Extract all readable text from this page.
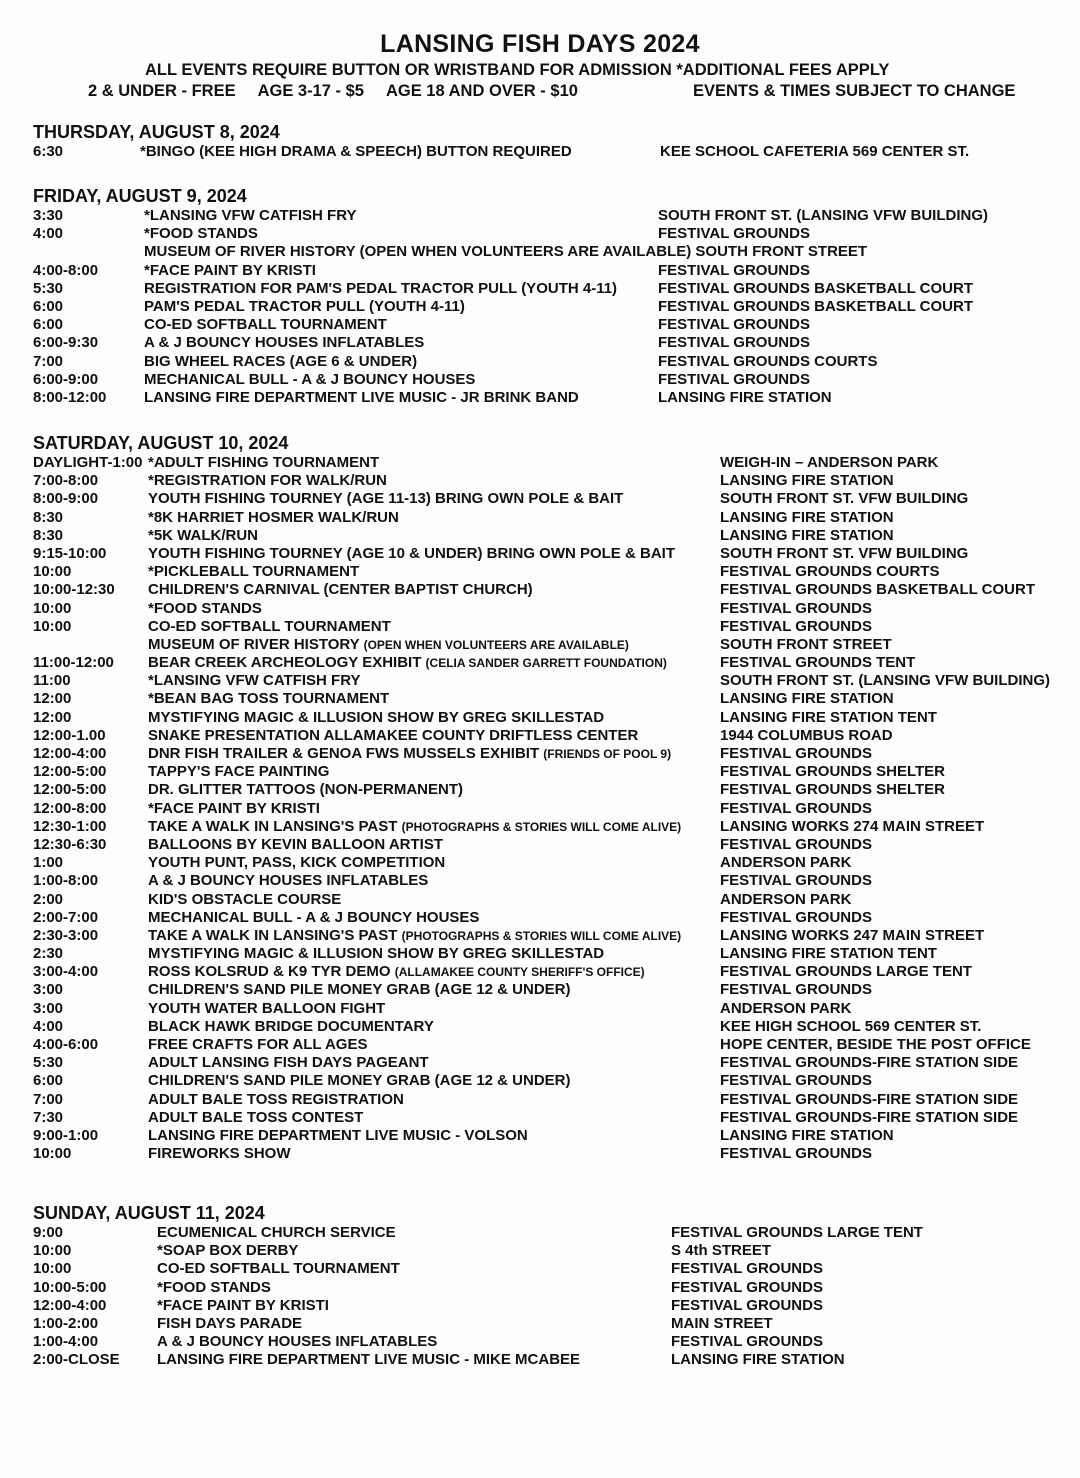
LANSING FISH DAYS 2024
ALL EVENTS REQUIRE BUTTON OR WRISTBAND FOR ADMISSION *ADDITIONAL FEES APPLY
2 & UNDER - FREE AGE 3-17 - $5 AGE 18 AND OVER - $10	EVENTS & TIMES SUBJECT TO CHANGE
THURSDAY, AUGUST 8, 2024
6:30	*BINGO (KEE HIGH DRAMA & SPEECH) BUTTON REQUIRED	KEE SCHOOL CAFETERIA 569 CENTER ST.
FRIDAY, AUGUST 9, 2024
3:30	*LANSING VFW CATFISH FRY	SOUTH FRONT ST. (LANSING VFW BUILDING)
4:00	*FOOD STANDS	FESTIVAL GROUNDS
MUSEUM OF RIVER HISTORY (OPEN WHEN VOLUNTEERS ARE AVAILABLE) SOUTH FRONT STREET
4:00-8:00	*FACE PAINT BY KRISTI	FESTIVAL GROUNDS
5:30	REGISTRATION FOR PAM'S PEDAL TRACTOR PULL (YOUTH 4-11)	FESTIVAL GROUNDS BASKETBALL COURT
6:00	PAM'S PEDAL TRACTOR PULL (YOUTH 4-11)	FESTIVAL GROUNDS BASKETBALL COURT
6:00	CO-ED SOFTBALL TOURNAMENT	FESTIVAL GROUNDS
6:00-9:30	A & J BOUNCY HOUSES INFLATABLES	FESTIVAL GROUNDS
7:00	BIG WHEEL RACES (AGE 6 & UNDER)	FESTIVAL GROUNDS COURTS
6:00-9:00	MECHANICAL BULL - A & J BOUNCY HOUSES	FESTIVAL GROUNDS
8:00-12:00	LANSING FIRE DEPARTMENT LIVE MUSIC - JR BRINK BAND	LANSING FIRE STATION
SATURDAY, AUGUST 10, 2024
DAYLIGHT-1:00 *ADULT FISHING TOURNAMENT	WEIGH-IN – ANDERSON PARK
7:00-8:00	*REGISTRATION FOR WALK/RUN	LANSING FIRE STATION
8:00-9:00	YOUTH FISHING TOURNEY (AGE 11-13) BRING OWN POLE & BAIT	SOUTH FRONT ST. VFW BUILDING
8:30	*8K HARRIET HOSMER WALK/RUN	LANSING FIRE STATION
8:30	*5K WALK/RUN	LANSING FIRE STATION
9:15-10:00	YOUTH FISHING TOURNEY (AGE 10 & UNDER) BRING OWN POLE & BAIT	SOUTH FRONT ST. VFW BUILDING
10:00	*PICKLEBALL TOURNAMENT	FESTIVAL GROUNDS COURTS
10:00-12:30 CHILDREN'S CARNIVAL (CENTER BAPTIST CHURCH)	FESTIVAL GROUNDS BASKETBALL COURT
10:00	*FOOD STANDS	FESTIVAL GROUNDS
10:00	CO-ED SOFTBALL TOURNAMENT	FESTIVAL GROUNDS
MUSEUM OF RIVER HISTORY (OPEN WHEN VOLUNTEERS ARE AVAILABLE)	SOUTH FRONT STREET
11:00-12:00 BEAR CREEK ARCHEOLOGY EXHIBIT (CELIA SANDER GARRETT FOUNDATION)	FESTIVAL GROUNDS TENT
11:00	*LANSING VFW CATFISH FRY	SOUTH FRONT ST. (LANSING VFW BUILDING)
12:00	*BEAN BAG TOSS TOURNAMENT	LANSING FIRE STATION
12:00	MYSTIFYING MAGIC & ILLUSION SHOW BY GREG SKILLESTAD	LANSING FIRE STATION TENT
12:00-1.00	SNAKE PRESENTATION ALLAMAKEE COUNTY DRIFTLESS CENTER	1944 COLUMBUS ROAD
12:00-4:00	DNR FISH TRAILER & GENOA FWS MUSSELS EXHIBIT (FRIENDS OF POOL 9)	FESTIVAL GROUNDS
12:00-5:00	TAPPY'S FACE PAINTING	FESTIVAL GROUNDS SHELTER
12:00-5:00	DR. GLITTER TATTOOS (NON-PERMANENT)	FESTIVAL GROUNDS SHELTER
12:00-8:00	*FACE PAINT BY KRISTI	FESTIVAL GROUNDS
12:30-1:00	TAKE A WALK IN LANSING'S PAST (PHOTOGRAPHS & STORIES WILL COME ALIVE)	LANSING WORKS 274 MAIN STREET
12:30-6:30	BALLOONS BY KEVIN BALLOON ARTIST	FESTIVAL GROUNDS
1:00	YOUTH PUNT, PASS, KICK COMPETITION	ANDERSON PARK
1:00-8:00	A & J BOUNCY HOUSES INFLATABLES	FESTIVAL GROUNDS
2:00	KID'S OBSTACLE COURSE	ANDERSON PARK
2:00-7:00	MECHANICAL BULL - A & J BOUNCY HOUSES	FESTIVAL GROUNDS
2:30-3:00	TAKE A WALK IN LANSING'S PAST (PHOTOGRAPHS & STORIES WILL COME ALIVE)	LANSING WORKS 247 MAIN STREET
2:30	MYSTIFYING MAGIC & ILLUSION SHOW BY GREG SKILLESTAD	LANSING FIRE STATION TENT
3:00-4:00	ROSS KOLSRUD & K9 TYR DEMO (ALLAMAKEE COUNTY SHERIFF'S OFFICE)	FESTIVAL GROUNDS LARGE TENT
3:00	CHILDREN'S SAND PILE MONEY GRAB (AGE 12 & UNDER)	FESTIVAL GROUNDS
3:00	YOUTH WATER BALLOON FIGHT	ANDERSON PARK
4:00	BLACK HAWK BRIDGE DOCUMENTARY	KEE HIGH SCHOOL 569 CENTER ST.
4:00-6:00	FREE CRAFTS FOR ALL AGES	HOPE CENTER, BESIDE THE POST OFFICE
5:30	ADULT LANSING FISH DAYS PAGEANT	FESTIVAL GROUNDS-FIRE STATION SIDE
6:00	CHILDREN'S SAND PILE MONEY GRAB (AGE 12 & UNDER)	FESTIVAL GROUNDS
7:00	ADULT BALE TOSS REGISTRATION	FESTIVAL GROUNDS-FIRE STATION SIDE
7:30	ADULT BALE TOSS CONTEST	FESTIVAL GROUNDS-FIRE STATION SIDE
9:00-1:00	LANSING FIRE DEPARTMENT LIVE MUSIC - VOLSON	LANSING FIRE STATION
10:00	FIREWORKS SHOW	FESTIVAL GROUNDS
SUNDAY, AUGUST 11, 2024
9:00	ECUMENICAL CHURCH SERVICE	FESTIVAL GROUNDS LARGE TENT
10:00	*SOAP BOX DERBY	S 4th STREET
10:00	CO-ED SOFTBALL TOURNAMENT	FESTIVAL GROUNDS
10:00-5:00	*FOOD STANDS	FESTIVAL GROUNDS
12:00-4:00	*FACE PAINT BY KRISTI	FESTIVAL GROUNDS
1:00-2:00	FISH DAYS PARADE	MAIN STREET
1:00-4:00	A & J BOUNCY HOUSES INFLATABLES	FESTIVAL GROUNDS
2:00-CLOSE LANSING FIRE DEPARTMENT LIVE MUSIC - MIKE MCABEE	LANSING FIRE STATION
